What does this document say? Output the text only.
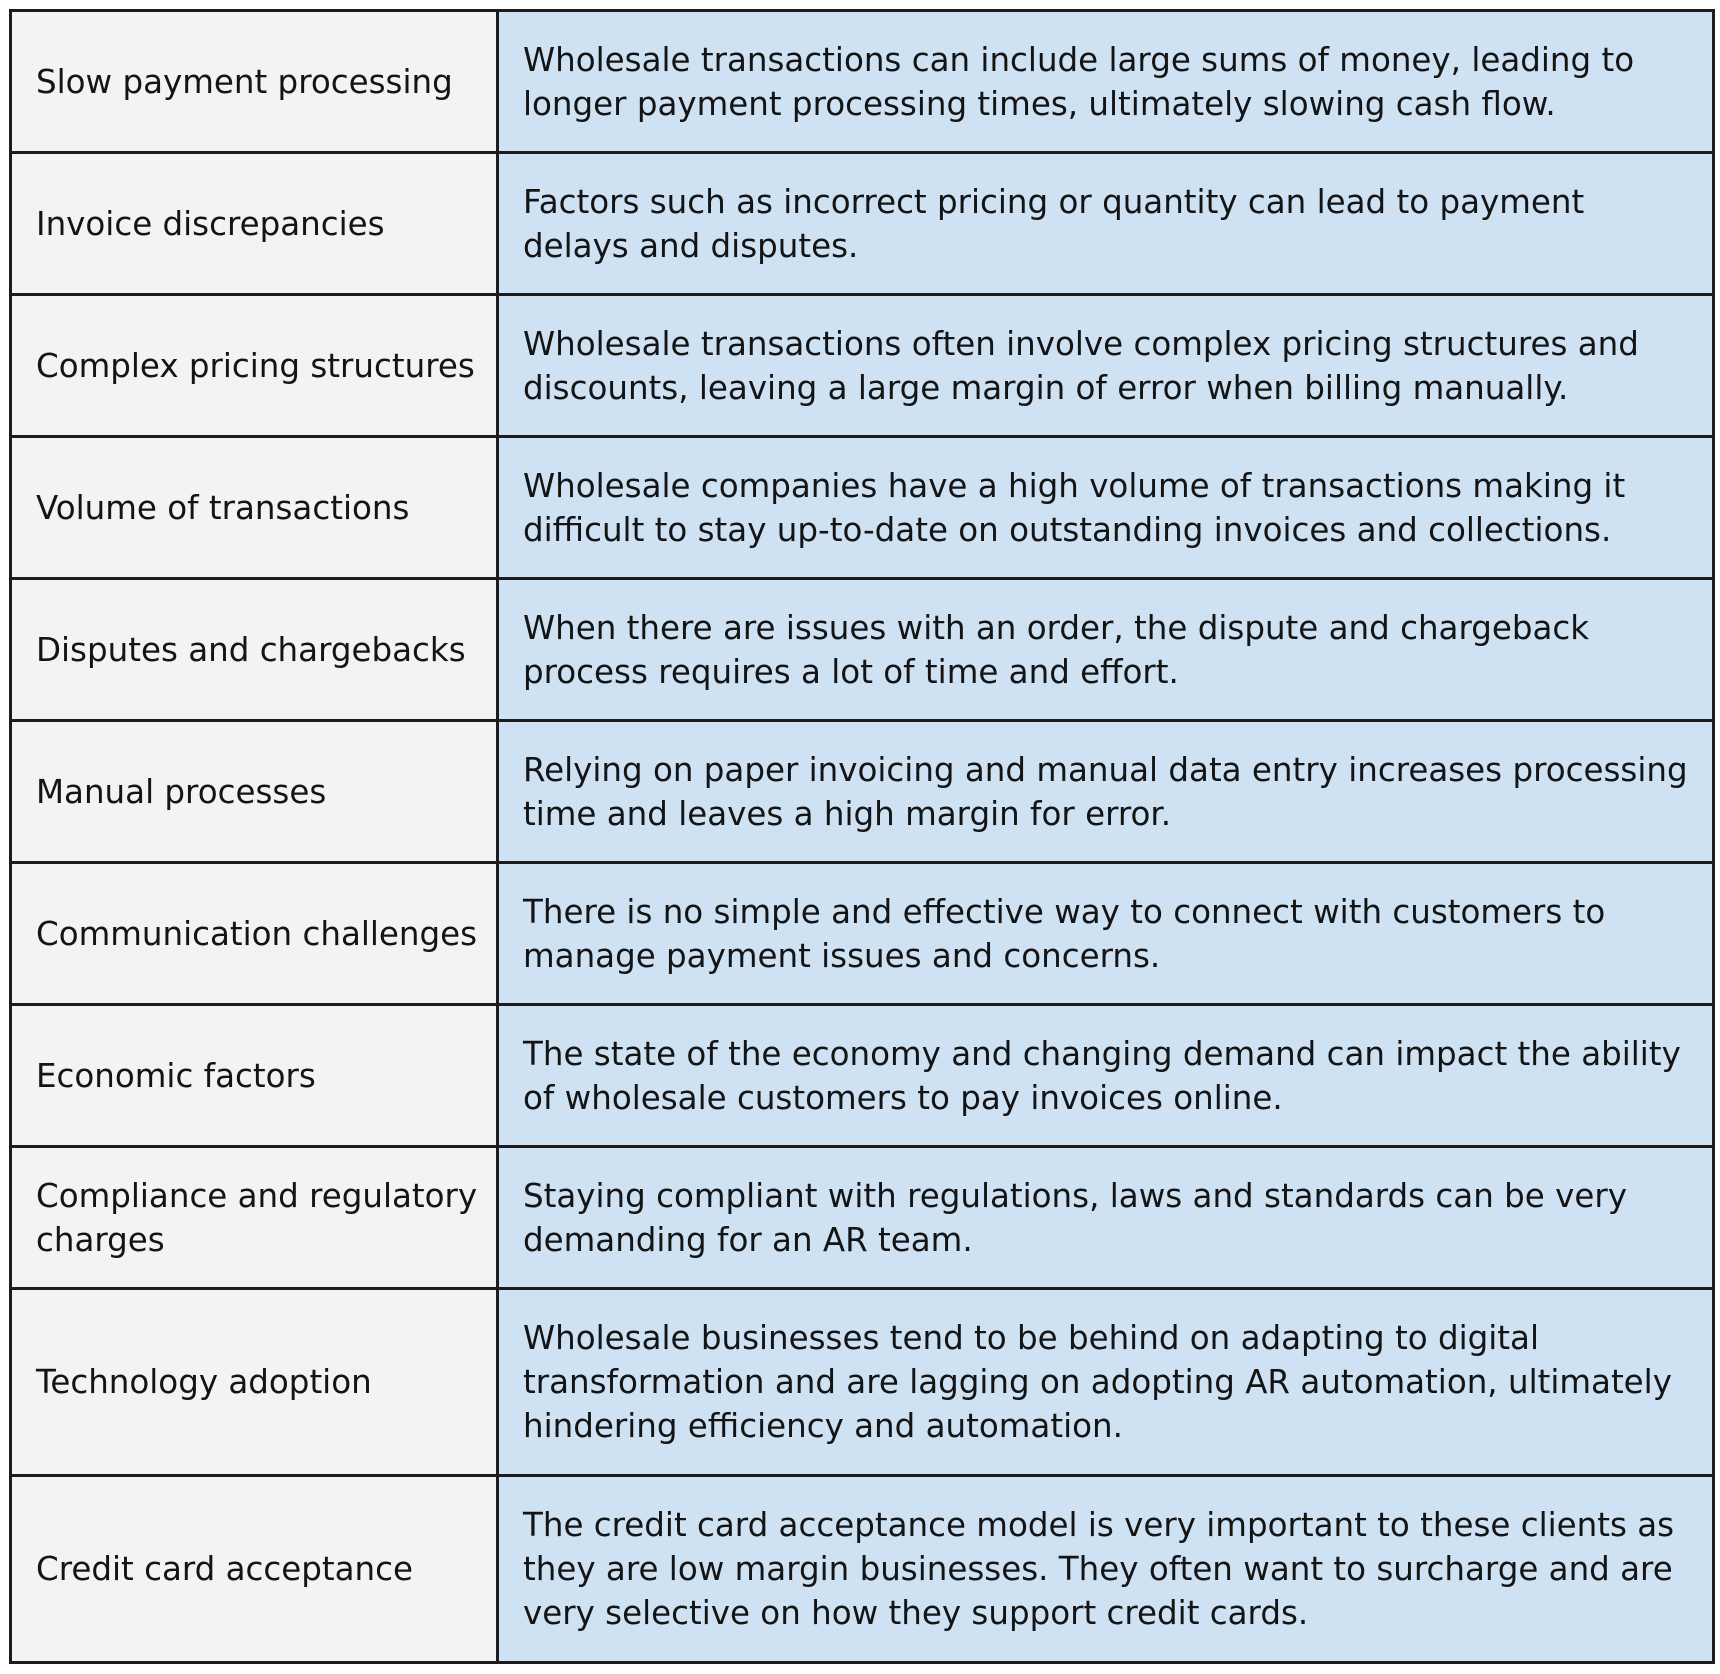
Slow payment processing	Wholesale transactions can include large sums of money, leading to longer payment processing times, ultimately slowing cash flow.

Invoice discrepancies	Factors such as incorrect pricing or quantity can lead to payment delays and disputes.

Complex pricing structures	Wholesale transactions often involve complex pricing structures and discounts, leaving a large margin of error when billing manually.

Volume of transactions	Wholesale companies have a high volume of transactions making it difficult to stay up-to-date on outstanding invoices and collections.

Disputes and chargebacks	When there are issues with an order, the dispute and chargeback process requires a lot of time and effort.

Manual processes	Relying on paper invoicing and manual data entry increases processing time and leaves a high margin for error.

Communication challenges	There is no simple and effective way to connect with customers to manage payment issues and concerns.

Economic factors	The state of the economy and changing demand can impact the ability of wholesale customers to pay invoices online.

Compliance and regulatory charges	Staying compliant with regulations, laws and standards can be very demanding for an AR team.

Technology adoption	Wholesale businesses tend to be behind on adapting to digital transformation and are lagging on adopting AR automation, ultimately hindering efficiency and automation.

Credit card acceptance	The credit card acceptance model is very important to these clients as they are low margin businesses. They often want to surcharge and are very selective on how they support credit cards.
